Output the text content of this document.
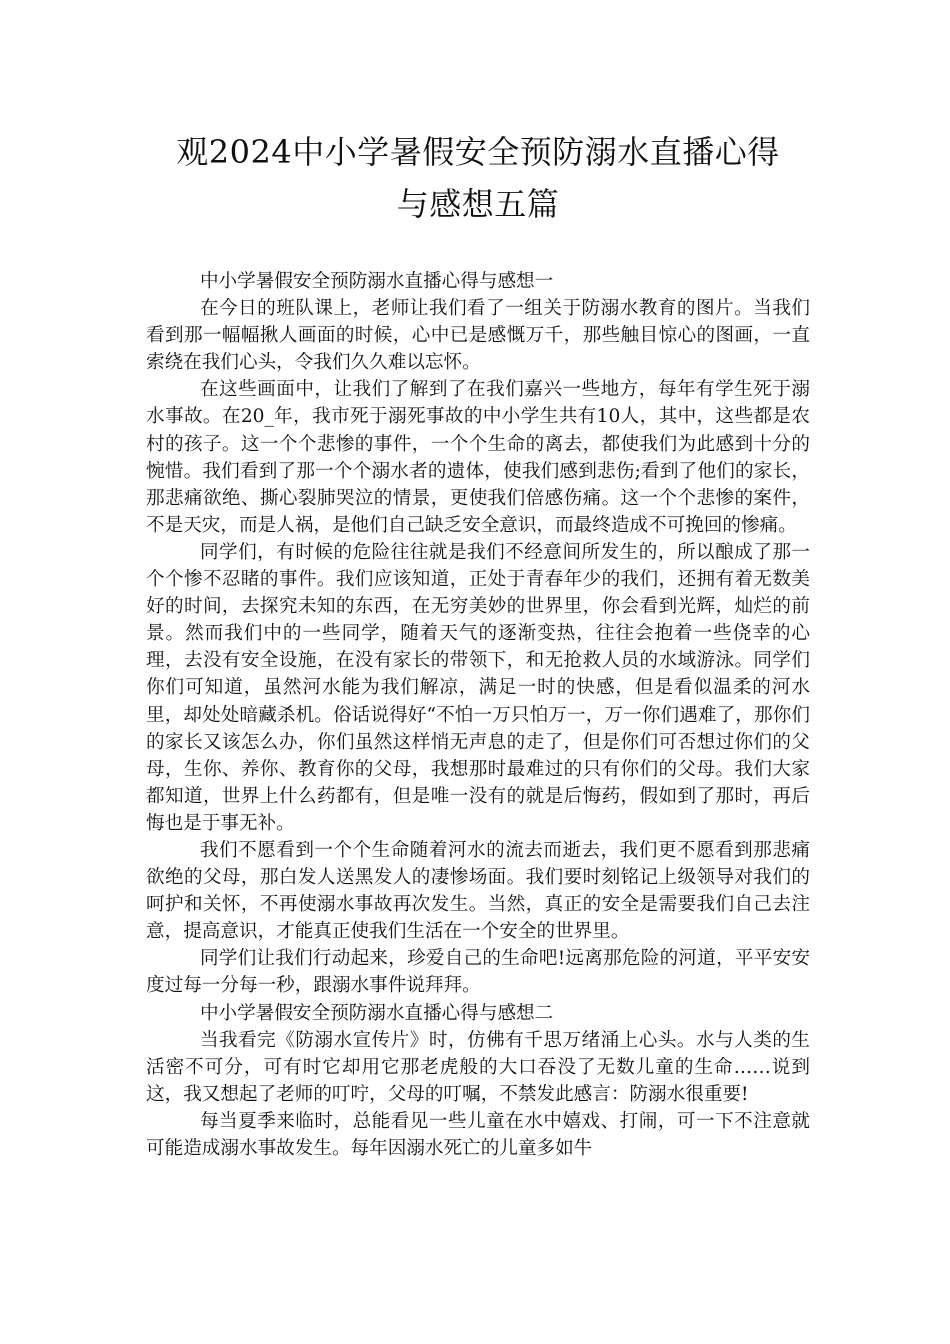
观2024中小学暑假安全预防溺水直播心得
与感想五篇

中小学暑假安全预防溺水直播心得与感想一

在今日的班队课上，老师让我们看了一组关于防溺水教育的图片。当我们看到那一幅幅揪人画面的时候，心中已是感慨万千，那些触目惊心的图画，一直索绕在我们心头，令我们久久难以忘怀。

在这些画面中，让我们了解到了在我们嘉兴一些地方，每年有学生死于溺水事故。在20_年，我市死于溺死事故的中小学生共有10人，其中，这些都是农村的孩子。这一个个悲惨的事件，一个个生命的离去，都使我们为此感到十分的惋惜。我们看到了那一个个溺水者的遗体，使我们感到悲伤;看到了他们的家长，那悲痛欲绝、撕心裂肺哭泣的情景，更使我们倍感伤痛。这一个个悲惨的案件，不是天灾，而是人祸，是他们自己缺乏安全意识，而最终造成不可挽回的惨痛。

同学们，有时候的危险往往就是我们不经意间所发生的，所以酿成了那一个个惨不忍睹的事件。我们应该知道，正处于青春年少的我们，还拥有着无数美好的时间，去探究未知的东西，在无穷美妙的世界里，你会看到光辉，灿烂的前景。然而我们中的一些同学，随着天气的逐渐变热，往往会抱着一些侥幸的心理，去没有安全设施，在没有家长的带领下，和无抢救人员的水域游泳。同学们你们可知道，虽然河水能为我们解凉，满足一时的快感，但是看似温柔的河水里，却处处暗藏杀机。俗话说得好“不怕一万只怕万一，万一你们遇难了，那你们的家长又该怎么办，你们虽然这样悄无声息的走了，但是你们可否想过你们的父母，生你、养你、教育你的父母，我想那时最难过的只有你们的父母。我们大家都知道，世界上什么药都有，但是唯一没有的就是后悔药，假如到了那时，再后悔也是于事无补。

我们不愿看到一个个生命随着河水的流去而逝去，我们更不愿看到那悲痛欲绝的父母，那白发人送黑发人的凄惨场面。我们要时刻铭记上级领导对我们的呵护和关怀，不再使溺水事故再次发生。当然，真正的安全是需要我们自己去注意，提高意识，才能真正使我们生活在一个安全的世界里。

同学们让我们行动起来，珍爱自己的生命吧!远离那危险的河道，平平安安度过每一分每一秒，跟溺水事件说拜拜。

中小学暑假安全预防溺水直播心得与感想二

当我看完《防溺水宣传片》时，仿佛有千思万绪涌上心头。水与人类的生活密不可分，可有时它却用它那老虎般的大口吞没了无数儿童的生命……说到这，我又想起了老师的叮咛，父母的叮嘱，不禁发此感言：防溺水很重要!

每当夏季来临时，总能看见一些儿童在水中嬉戏、打闹，可一下不注意就可能造成溺水事故发生。每年因溺水死亡的儿童多如牛
